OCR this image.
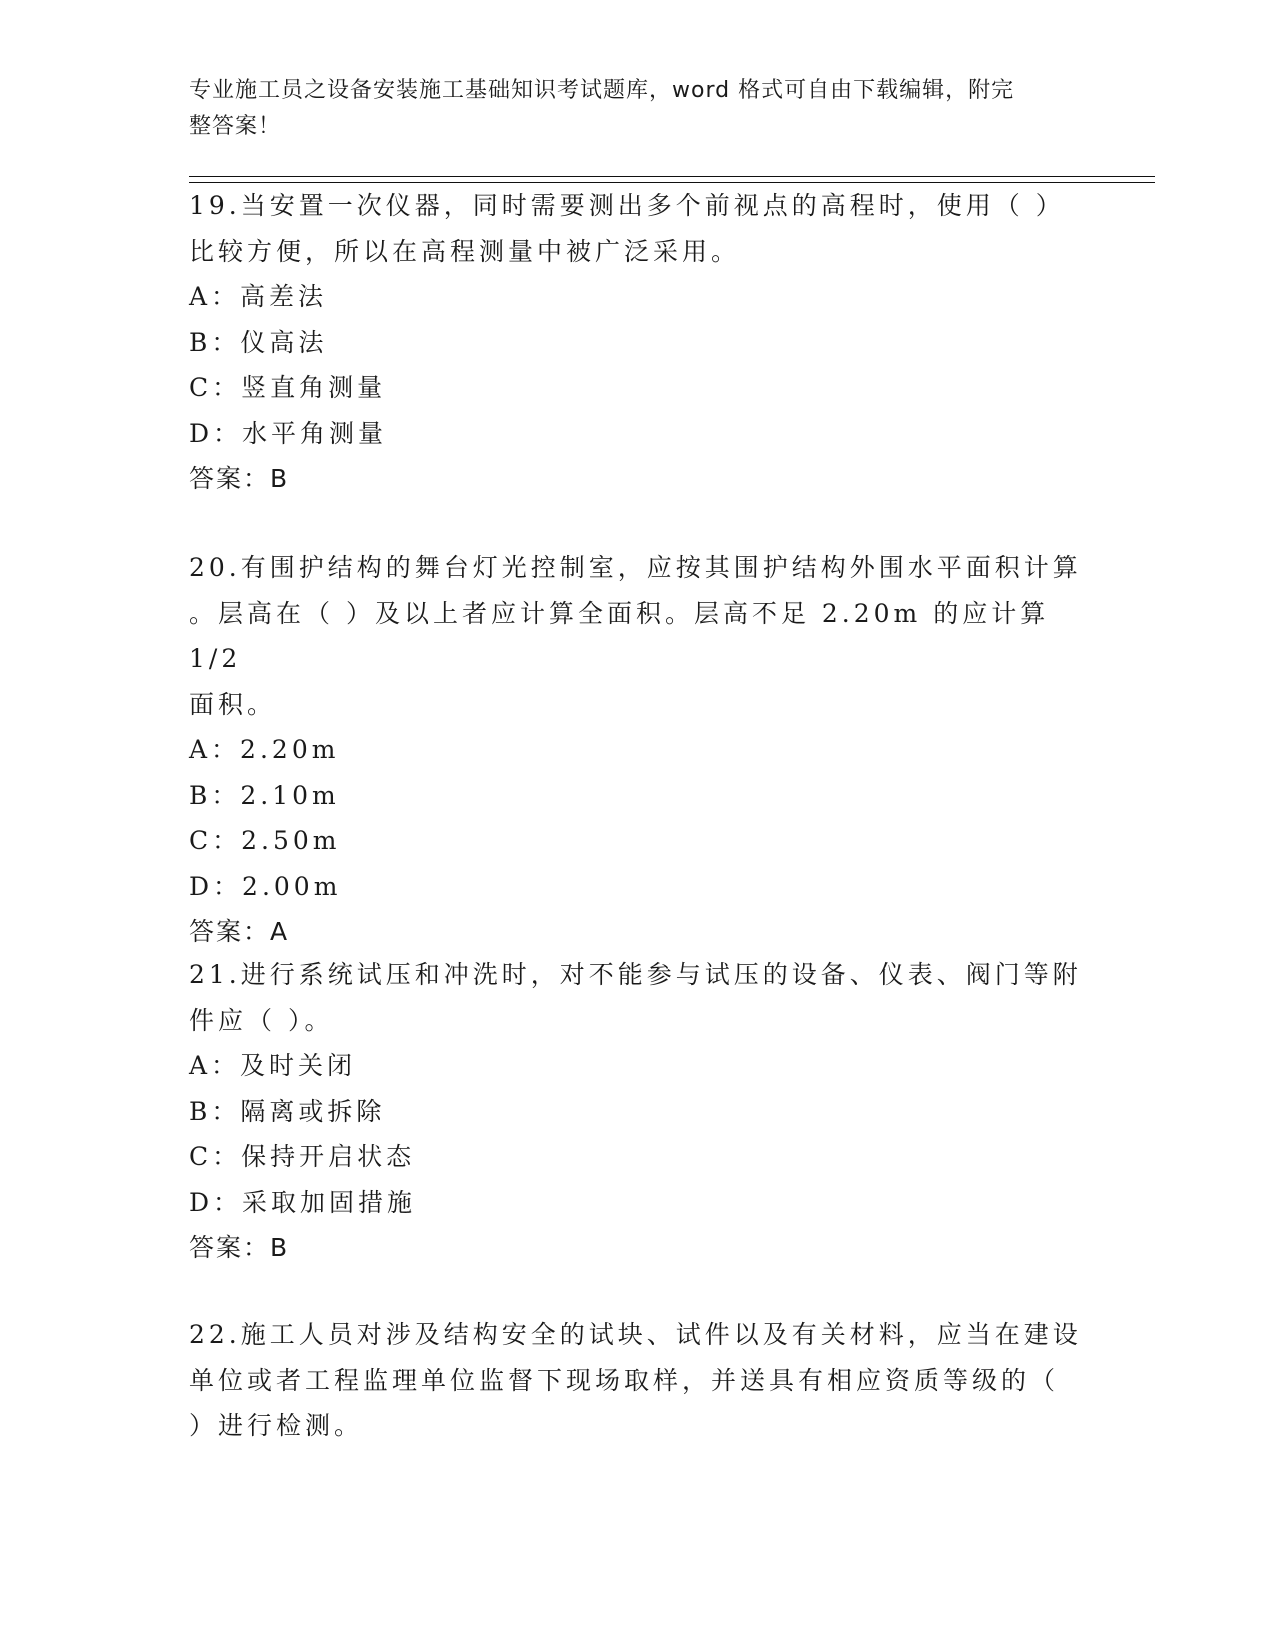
专业施工员之设备安装施工基础知识考试题库，word 格式可自由下载编辑，附完
整答案！
19.当安置一次仪器，同时需要测出多个前视点的高程时，使用（ ）
比较方便，所以在高程测量中被广泛采用。
A：高差法
B：仪高法
C：竖直角测量
D：水平角测量
答案：B
20.有围护结构的舞台灯光控制室，应按其围护结构外围水平面积计算
。层高在（ ）及以上者应计算全面积。层高不足 2.20m 的应计算 1/2
面积。
A：2.20m
B：2.10m
C：2.50m
D：2.00m
答案：A
21.进行系统试压和冲洗时，对不能参与试压的设备、仪表、阀门等附
件应（ ）。
A：及时关闭
B：隔离或拆除
C：保持开启状态
D：采取加固措施
答案：B
22.施工人员对涉及结构安全的试块、试件以及有关材料，应当在建设
单位或者工程监理单位监督下现场取样，并送具有相应资质等级的（
）进行检测。
